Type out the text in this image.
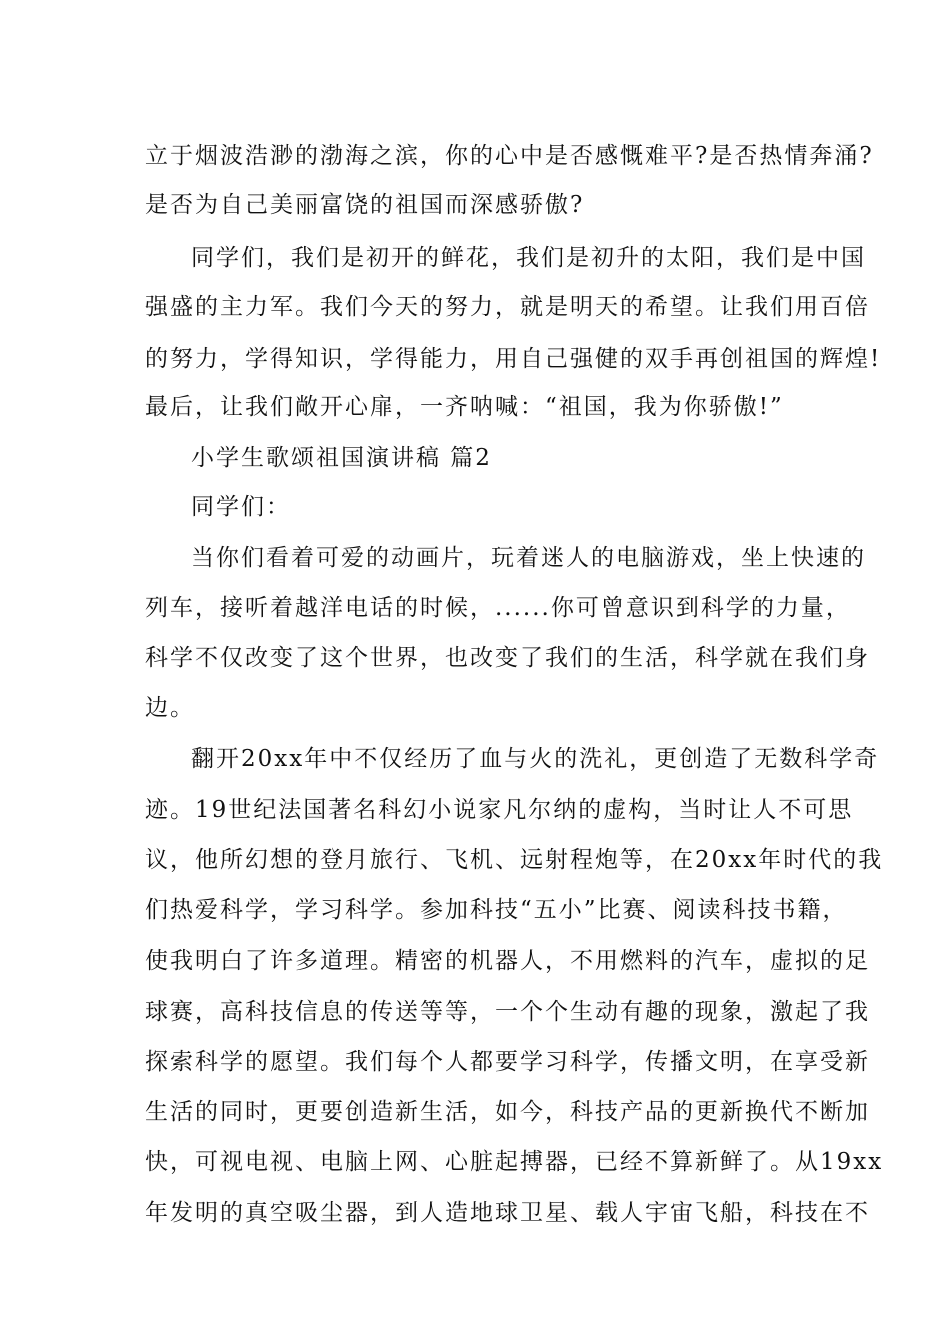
立于烟波浩渺的渤海之滨，你的心中是否感慨难平?是否热情奔涌?
是否为自己美丽富饶的祖国而深感骄傲?
同学们，我们是初开的鲜花，我们是初升的太阳，我们是中国
强盛的主力军。我们今天的努力，就是明天的希望。让我们用百倍
的努力，学得知识，学得能力，用自己强健的双手再创祖国的辉煌!
最后，让我们敞开心扉，一齐呐喊：“祖国，我为你骄傲!”
小学生歌颂祖国演讲稿 篇2
同学们：
当你们看着可爱的动画片，玩着迷人的电脑游戏，坐上快速的
列车，接听着越洋电话的时候，......你可曾意识到科学的力量，
科学不仅改变了这个世界，也改变了我们的生活，科学就在我们身
边。
翻开20xx年中不仅经历了血与火的洗礼，更创造了无数科学奇
迹。19世纪法国著名科幻小说家凡尔纳的虚构，当时让人不可思
议，他所幻想的登月旅行、飞机、远射程炮等，在20xx年时代的我
们热爱科学，学习科学。参加科技“五小”比赛、阅读科技书籍，
使我明白了许多道理。精密的机器人，不用燃料的汽车，虚拟的足
球赛，高科技信息的传送等等，一个个生动有趣的现象，激起了我
探索科学的愿望。我们每个人都要学习科学，传播文明，在享受新
生活的同时，更要创造新生活，如今，科技产品的更新换代不断加
快，可视电视、电脑上网、心脏起搏器，已经不算新鲜了。从19xx
年发明的真空吸尘器，到人造地球卫星、载人宇宙飞船，科技在不
